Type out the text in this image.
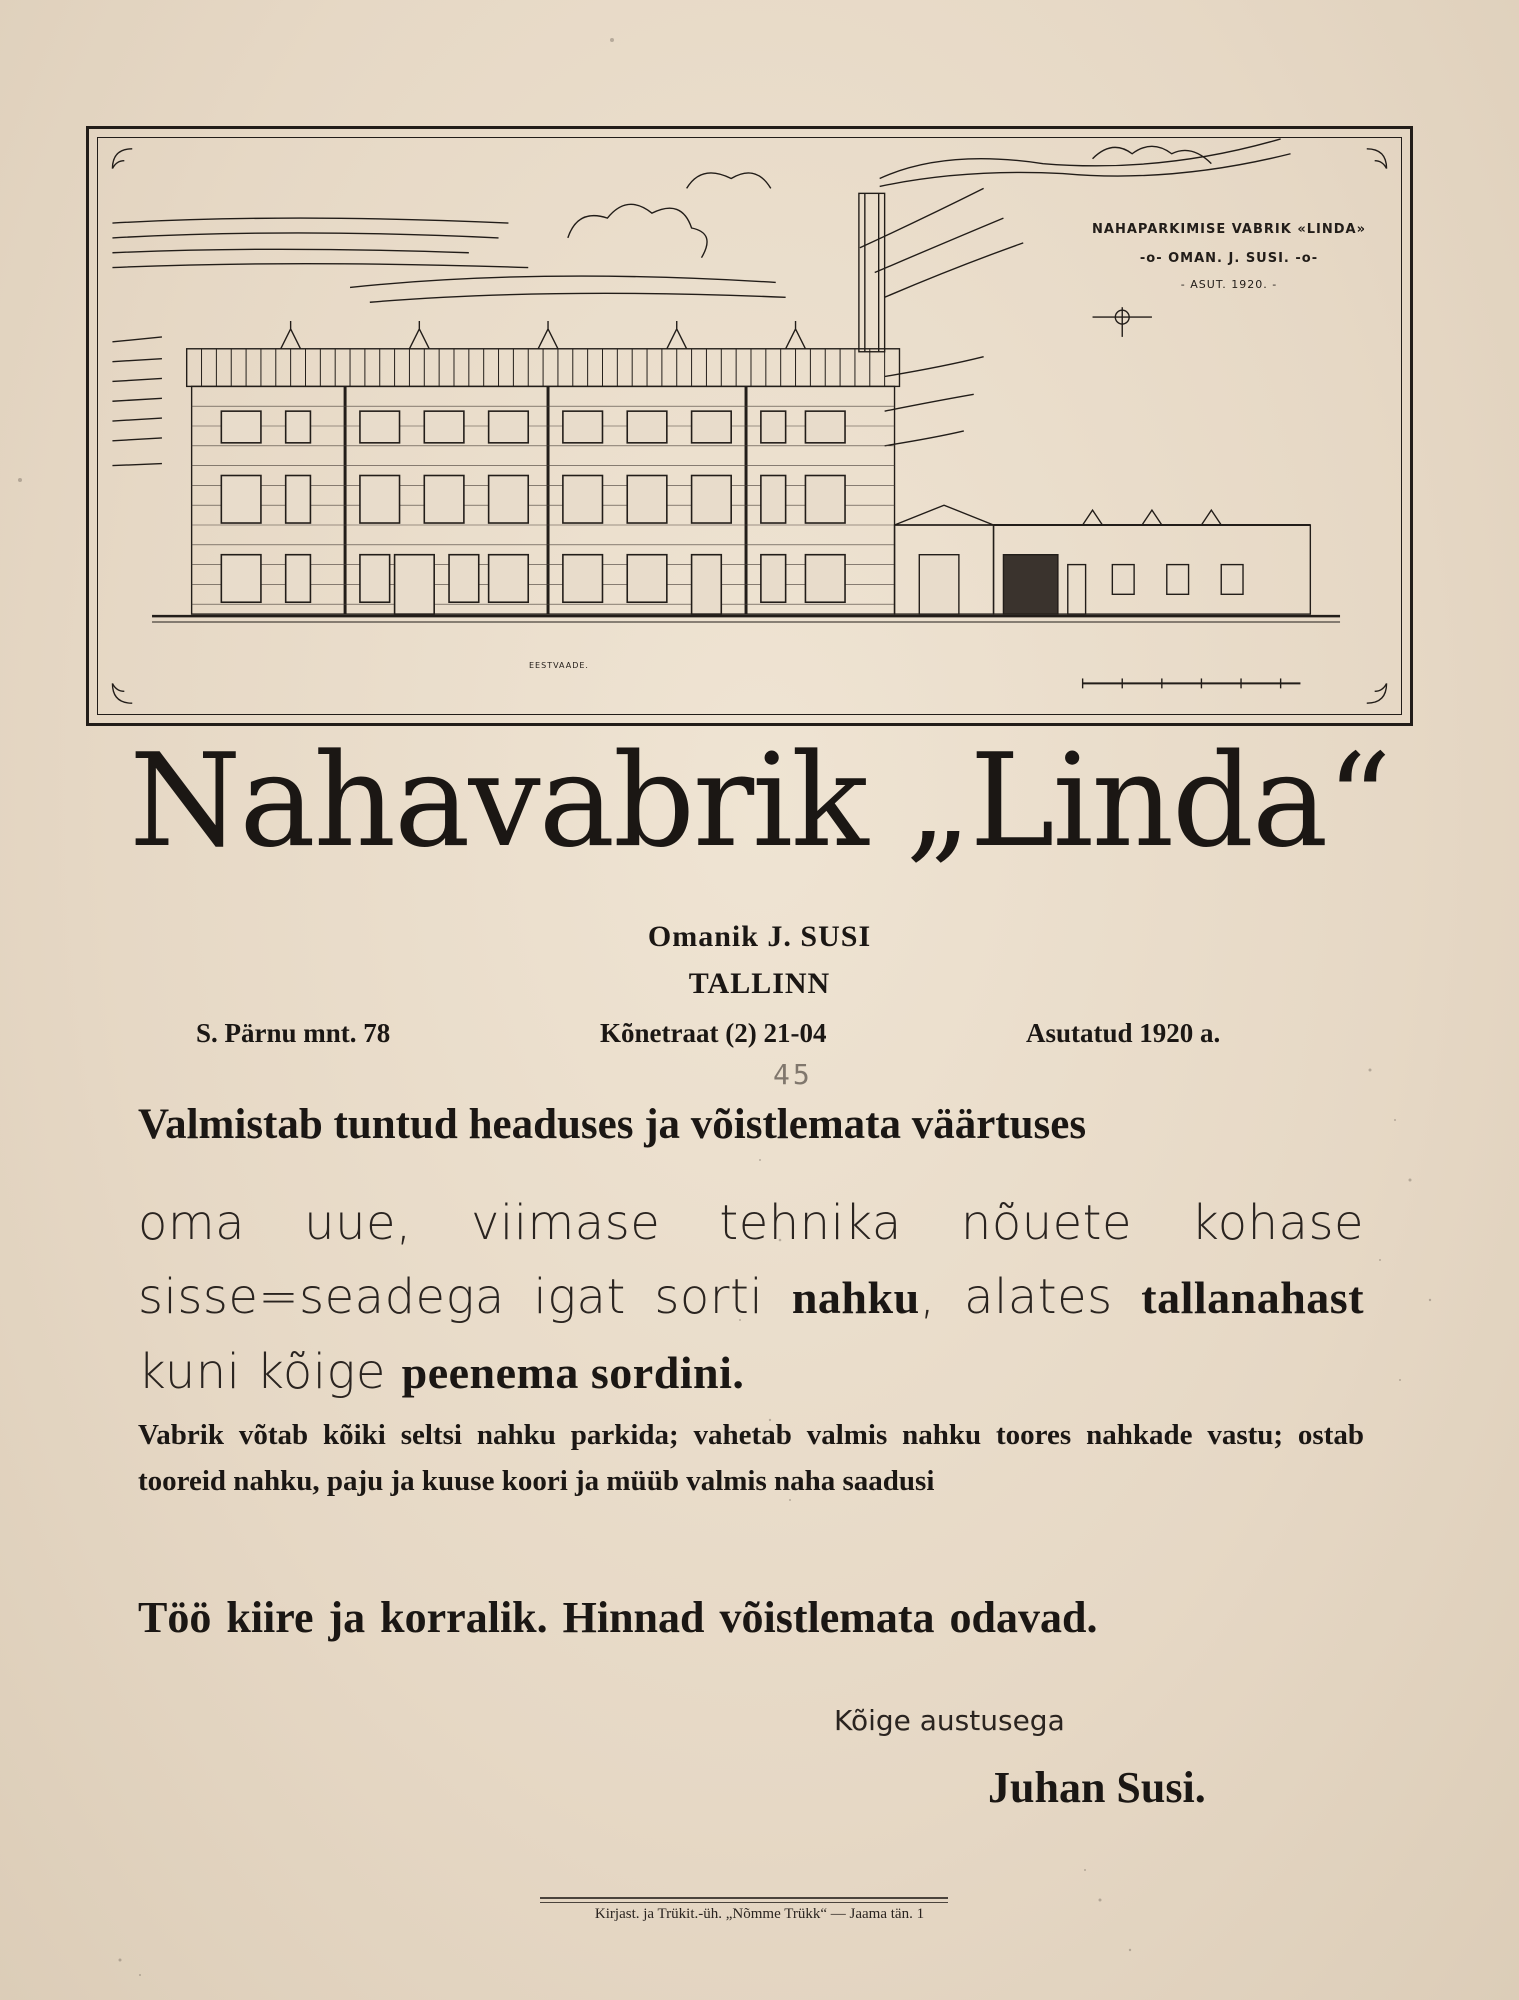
NAHAPARKIMISE VABRIK «LINDA»
-o- OMAN. J. SUSI. -o-
- ASUT. 1920. -
EESTVAADE.
Nahavabrik „Linda“
Omanik J. SUSI
TALLINN
S. Pärnu mnt. 78	Kõnetraat (2) 21-04	Asutatud 1920 a.
45
Valmistab tuntud headuses ja võistlemata väärtuses
oma uue, viimase tehnika nõuete kohase sisse=seadega igat sorti nahku, alates tallanahast kuni kõige peenema sordini.
Vabrik võtab kõiki seltsi nahku parkida; vahetab valmis nahku toores nahkade vastu; ostab tooreid nahku, paju ja kuuse koori ja müüb valmis naha saadusi
Töö kiire ja korralik. Hinnad võistlemata odavad.
Kõige austusega
Juhan Susi.
Kirjast. ja Trükit.-üh. „Nõmme Trükk“ — Jaama tän. 1
